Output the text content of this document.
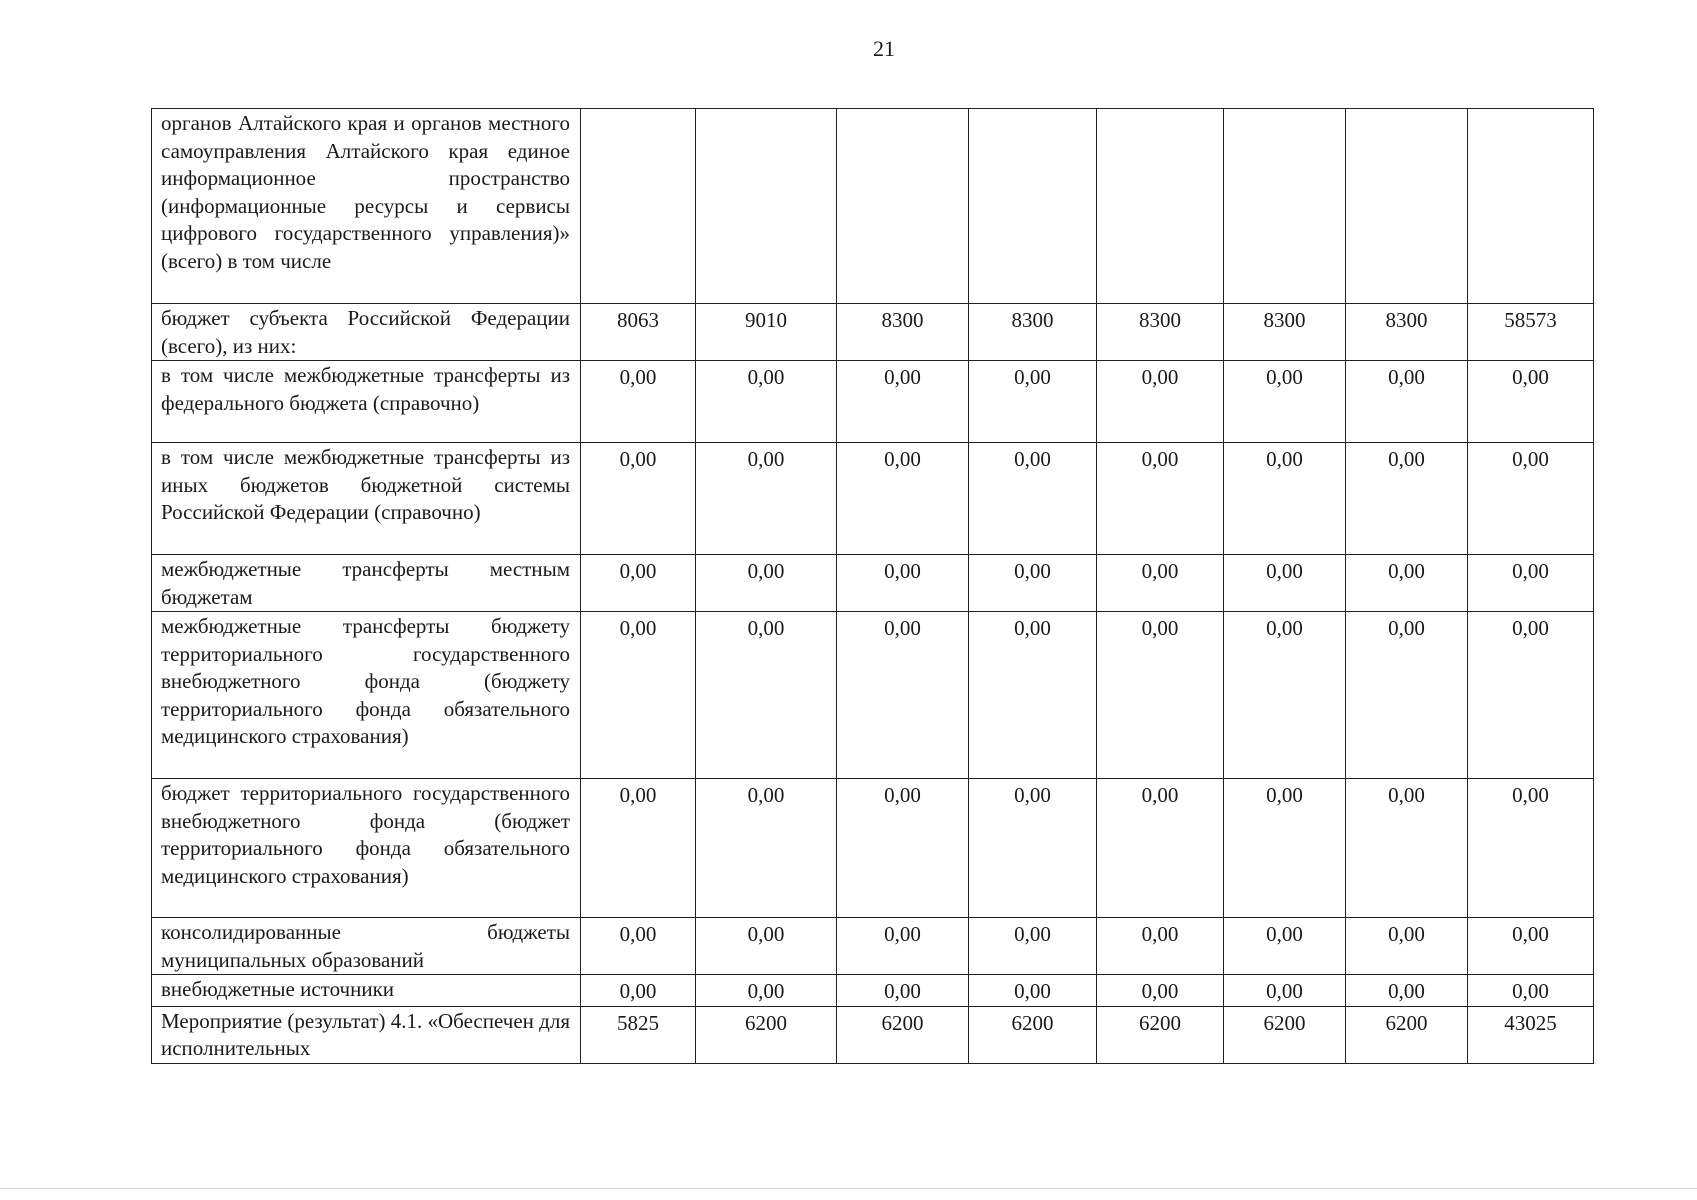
21
органов Алтайского края и органов местного самоуправления Алтайского края единое информационное пространство (информационные ресурсы и сервисы цифрового государственного управления)» (всего) в том числе								
бюджет субъекта Российской Федерации (всего), из них:	8063	9010	8300	8300	8300	8300	8300	58573
в том числе межбюджетные трансферты из федерального бюджета (справочно)	0,00	0,00	0,00	0,00	0,00	0,00	0,00	0,00
в том числе межбюджетные трансферты из иных бюджетов бюджетной системы Российской Федерации (справочно)	0,00	0,00	0,00	0,00	0,00	0,00	0,00	0,00
межбюджетные трансферты местным бюджетам	0,00	0,00	0,00	0,00	0,00	0,00	0,00	0,00
межбюджетные трансферты бюджету территориального государственного внебюджетного фонда (бюджету территориального фонда обязательного медицинского страхования)	0,00	0,00	0,00	0,00	0,00	0,00	0,00	0,00
бюджет территориального государственного внебюджетного фонда (бюджет территориального фонда обязательного медицинского страхования)	0,00	0,00	0,00	0,00	0,00	0,00	0,00	0,00
консолидированные бюджеты муниципальных образований	0,00	0,00	0,00	0,00	0,00	0,00	0,00	0,00
внебюджетные источники	0,00	0,00	0,00	0,00	0,00	0,00	0,00	0,00
Мероприятие (результат) 4.1. «Обеспечен для исполнительных	5825	6200	6200	6200	6200	6200	6200	43025
